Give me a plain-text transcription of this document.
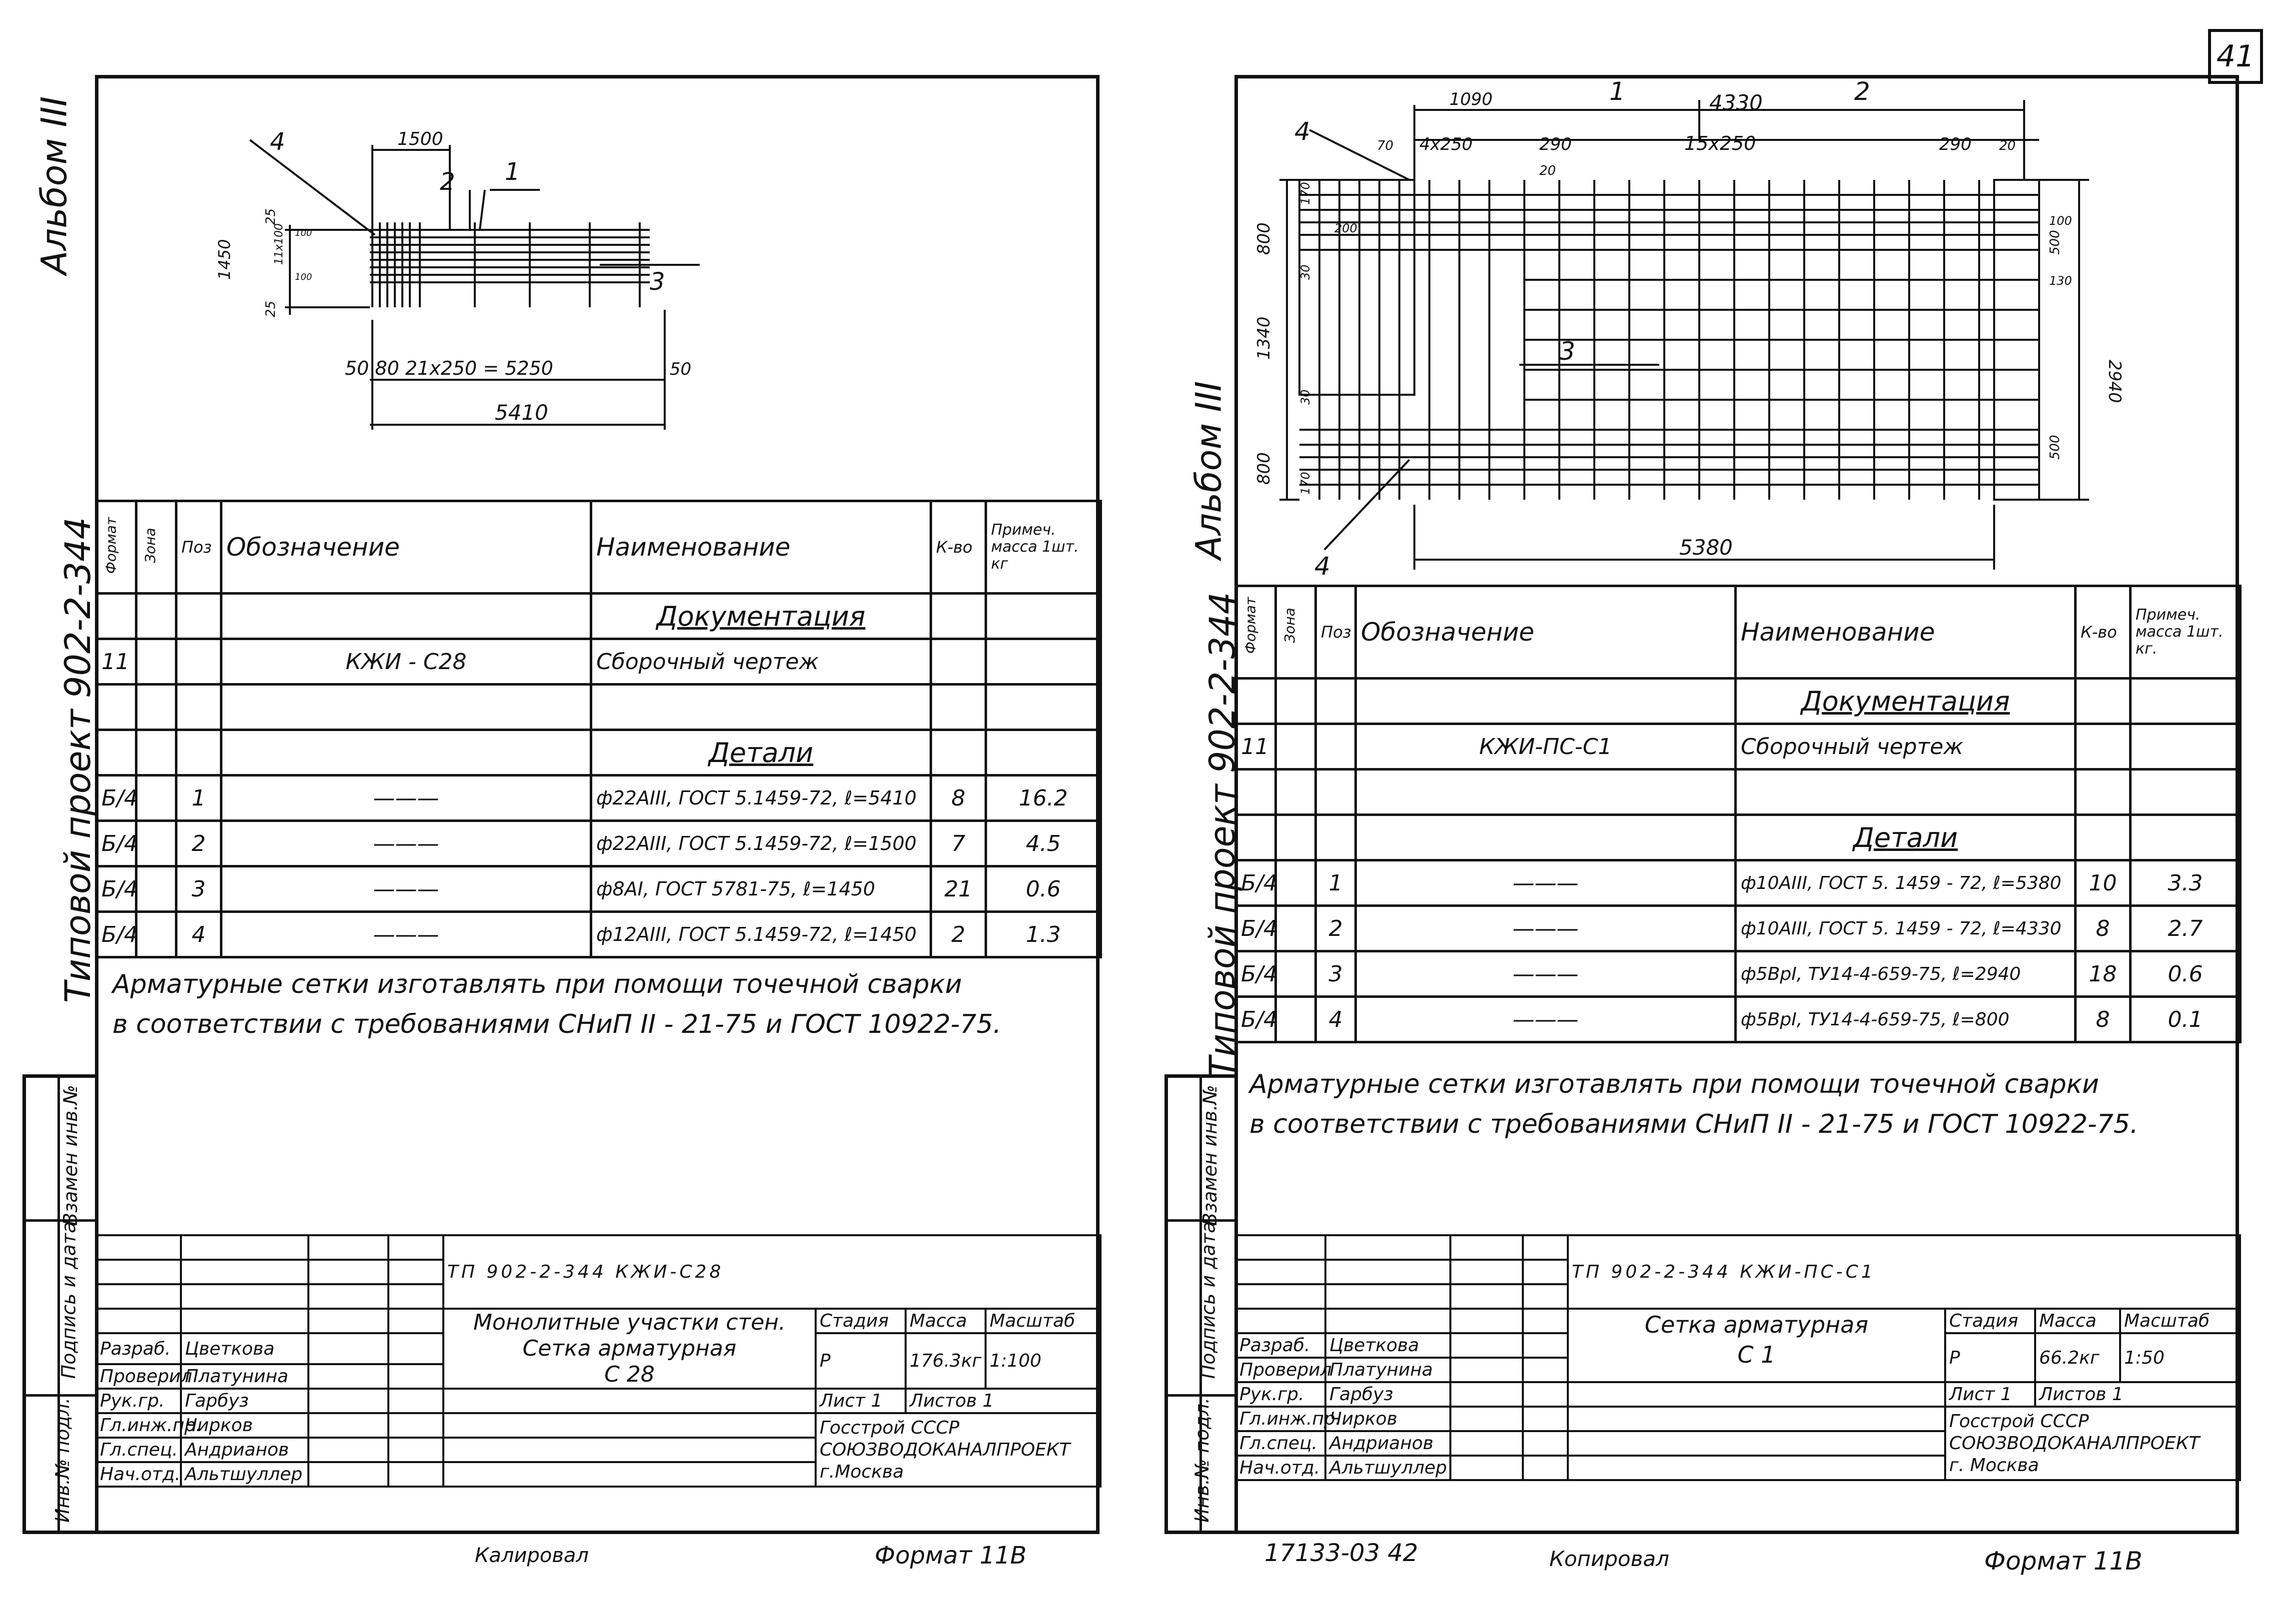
41
Альбом III
Типовой проект 902-2-344
Взамен инв.№
Подпись и дата
Инв.№ подл.
4
2 1
3
1500
1450	11x100
25
25
100
100
50 80 21x250 = 5250	50
5410
Формат	Зона	Поз	Обозначение	Наименование	К-во	Примеч. масса 1шт. кг
				Документация		
11			КЖИ - С28	Сборочный чертеж		

				Детали		
Б/4		1	———	ф22АIII, ГОСТ 5.1459-72, ℓ=5410	8	16.2
Б/4		2	———	ф22АIII, ГОСТ 5.1459-72, ℓ=1500	7	4.5
Б/4		3	———	ф8АI, ГОСТ 5781-75, ℓ=1450	21	0.6
Б/4		4	———	ф12АIII, ГОСТ 5.1459-72, ℓ=1450	2	1.3
Арматурные сетки изготавлять при помощи точечной сварки
в соответствии с требованиями СНиП II - 21-75 и ГОСТ 10922-75.
				ТП 902-2-344 КЖИ-С28			

				Монолитные участки стен.
Сетка арматурная
С 28	Стадия	Масса	Масштаб
Разраб.	Цветкова				Р	176.3кг	1:100
Проверил	Платунина						
Рук.гр.	Гарбуз				Лист 1	Листов 1	
Гл.инж.пр.	Чирков				Госстрой СССР
СОЮЗВОДОКАНАЛПРОЕКТ
г.Москва		

Гл.спец.	Андрианов						
Нач.отд.	Альтшуллер						
Калировал	Формат 11В
Альбом III
Типовой проект 902-2-344
Взамен инв.№
Подпись и дата
Инв.№ подл.
4
1	2
3
4
1090	4330
70 4x250	290	15x250	290 20
20
800
1340
800
2940
5380
500
500
200
100
130
30
30
170
170
Формат	Зона	Поз	Обозначение	Наименование	К-во	Примеч. масса 1шт. кг.
				Документация		
11			КЖИ-ПС-С1	Сборочный чертеж		

				Детали		
Б/4		1	———	ф10АIII, ГОСТ 5. 1459 - 72, ℓ=5380	10	3.3
Б/4		2	———	ф10АIII, ГОСТ 5. 1459 - 72, ℓ=4330	8	2.7
Б/4		3	———	ф5ВрI, ТУ14-4-659-75, ℓ=2940	18	0.6
Б/4		4	———	ф5ВрI, ТУ14-4-659-75, ℓ=800	8	0.1
Арматурные сетки изготавлять при помощи точечной сварки
в соответствии с требованиями СНиП II - 21-75 и ГОСТ 10922-75.
				ТП 902-2-344 КЖИ-ПС-С1			

				Сетка арматурная
С 1	Стадия	Масса	Масштаб
Разраб.	Цветкова				Р	66.2кг	1:50
Проверил	Платунина						
Рук.гр.	Гарбуз				Лист 1	Листов 1	
Гл.инж.пр.	Чирков				Госстрой СССР
СОЮЗВОДОКАНАЛПРОЕКТ
г. Москва		

Гл.спец.	Андрианов						
Нач.отд.	Альтшуллер						
17133-03 42	Копировал	Формат 11В
